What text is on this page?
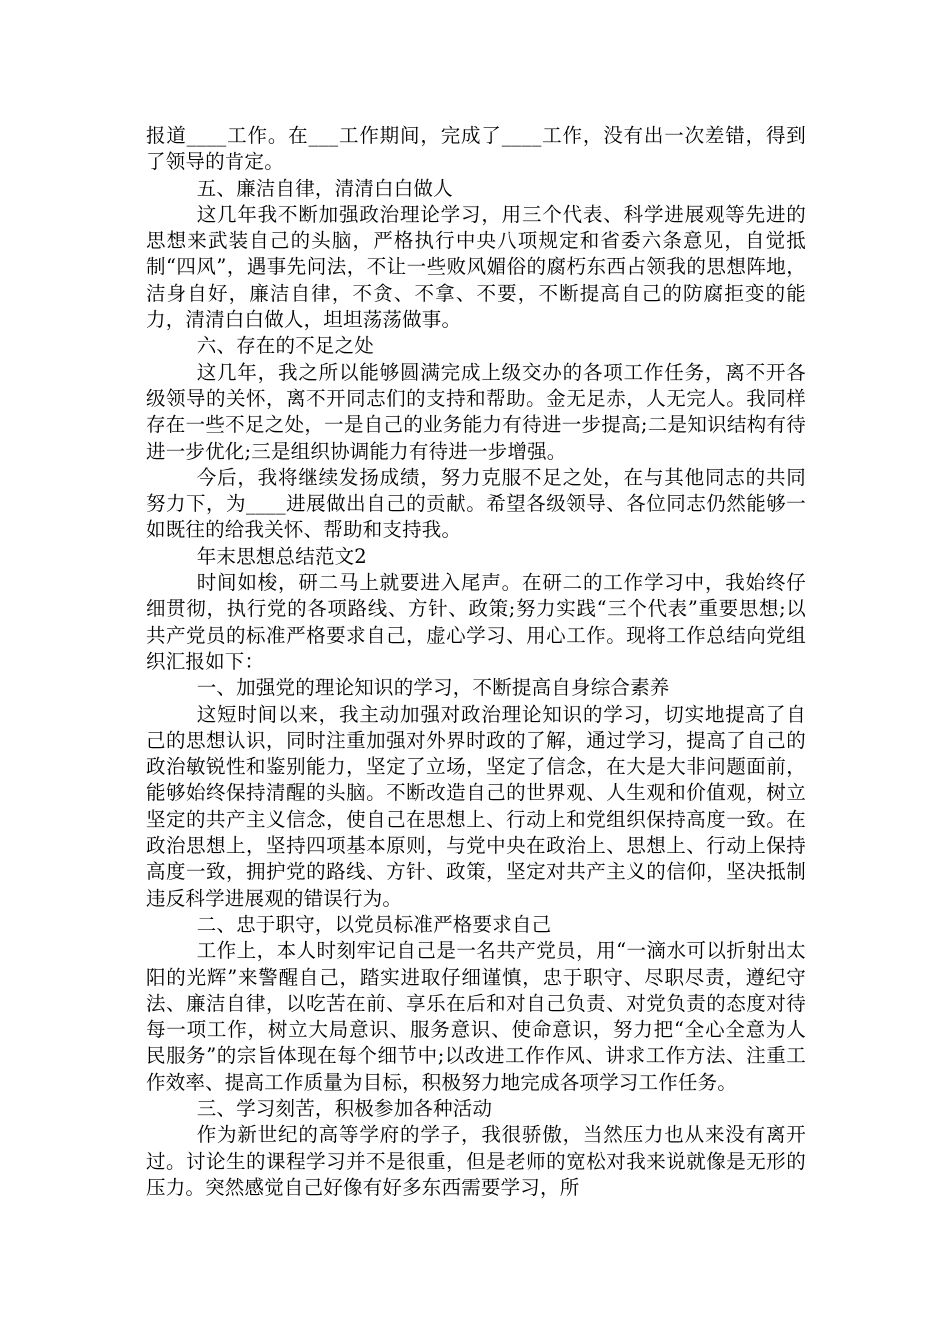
报道____工作。在___工作期间，完成了____工作，没有出一次差错，得到了领导的肯定。

五、廉洁自律，清清白白做人

这几年我不断加强政治理论学习，用三个代表、科学进展观等先进的思想来武装自己的头脑，严格执行中央八项规定和省委六条意见，自觉抵制“四风”，遇事先问法，不让一些败风媚俗的腐朽东西占领我的思想阵地，洁身自好，廉洁自律，不贪、不拿、不要，不断提高自己的防腐拒变的能力，清清白白做人，坦坦荡荡做事。

六、存在的不足之处

这几年，我之所以能够圆满完成上级交办的各项工作任务，离不开各级领导的关怀，离不开同志们的支持和帮助。金无足赤，人无完人。我同样存在一些不足之处，一是自己的业务能力有待进一步提高;二是知识结构有待进一步优化;三是组织协调能力有待进一步增强。

今后，我将继续发扬成绩，努力克服不足之处，在与其他同志的共同努力下，为____进展做出自己的贡献。希望各级领导、各位同志仍然能够一如既往的给我关怀、帮助和支持我。

年末思想总结范文2

时间如梭，研二马上就要进入尾声。在研二的工作学习中，我始终仔细贯彻，执行党的各项路线、方针、政策;努力实践“三个代表”重要思想;以共产党员的标准严格要求自己，虚心学习、用心工作。现将工作总结向党组织汇报如下：

一、加强党的理论知识的学习，不断提高自身综合素养

这短时间以来，我主动加强对政治理论知识的学习，切实地提高了自己的思想认识，同时注重加强对外界时政的了解，通过学习，提高了自己的政治敏锐性和鉴别能力，坚定了立场，坚定了信念，在大是大非问题面前，能够始终保持清醒的头脑。不断改造自己的世界观、人生观和价值观，树立坚定的共产主义信念，使自己在思想上、行动上和党组织保持高度一致。在政治思想上，坚持四项基本原则，与党中央在政治上、思想上、行动上保持高度一致，拥护党的路线、方针、政策，坚定对共产主义的信仰，坚决抵制违反科学进展观的错误行为。

二、忠于职守，以党员标准严格要求自己

工作上，本人时刻牢记自己是一名共产党员，用“一滴水可以折射出太阳的光辉”来警醒自己，踏实进取仔细谨慎，忠于职守、尽职尽责，遵纪守法、廉洁自律，以吃苦在前、享乐在后和对自己负责、对党负责的态度对待每一项工作，树立大局意识、服务意识、使命意识，努力把“全心全意为人民服务”的宗旨体现在每个细节中;以改进工作作风、讲求工作方法、注重工作效率、提高工作质量为目标，积极努力地完成各项学习工作任务。

三、学习刻苦，积极参加各种活动

作为新世纪的高等学府的学子，我很骄傲，当然压力也从来没有离开过。讨论生的课程学习并不是很重，但是老师的宽松对我来说就像是无形的压力。突然感觉自己好像有好多东西需要学习，所
